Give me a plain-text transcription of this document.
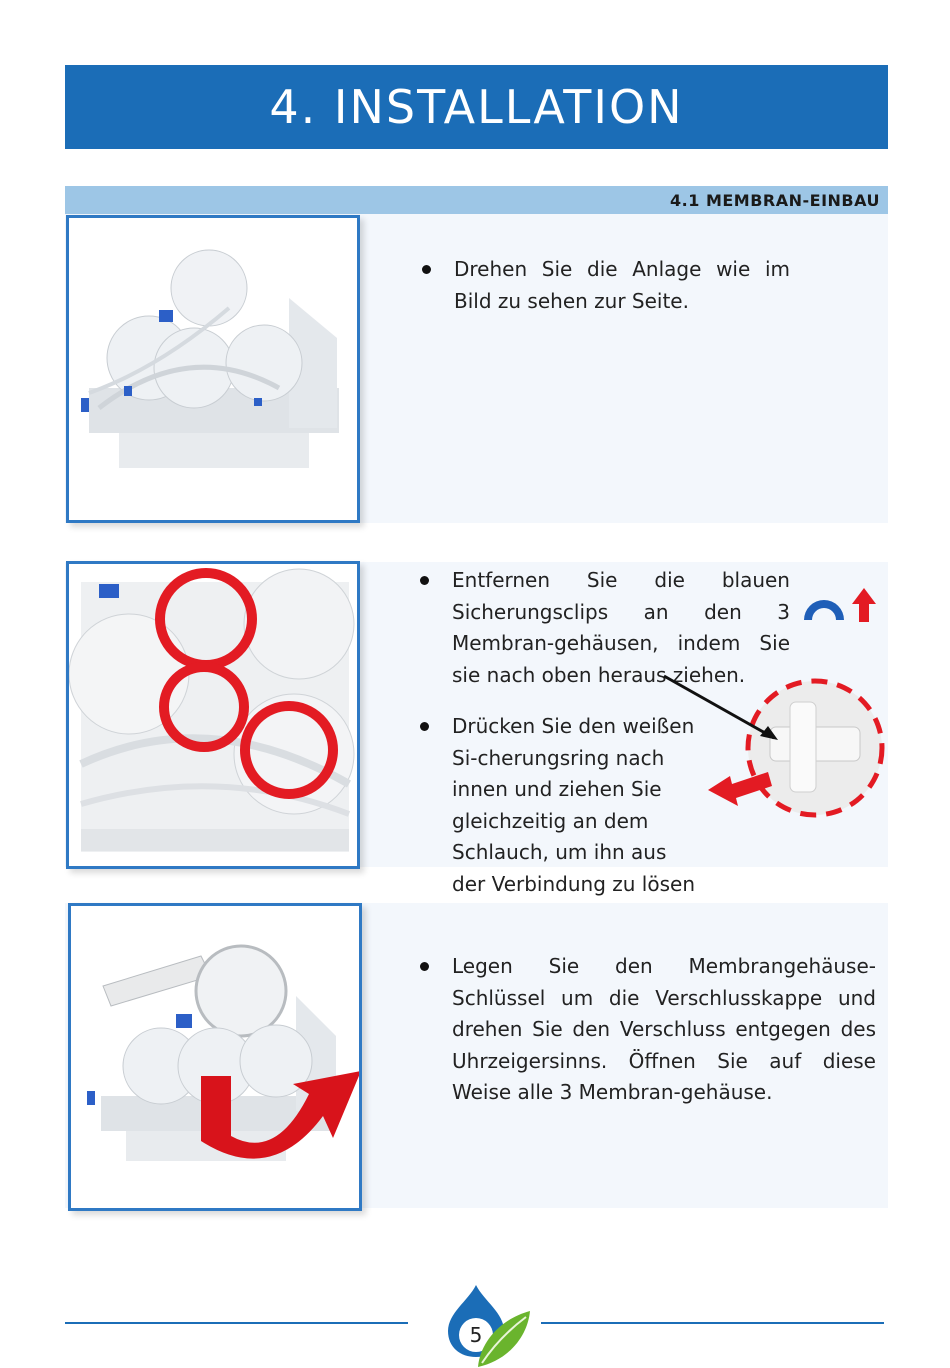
4. INSTALLATION
4.1 MEMBRAN-EINBAU
Drehen Sie die Anlage wie im Bild zu sehen zur Seite.
Entfernen Sie die blauen Sicherungsclips an den 3 Membran-gehäusen, indem Sie sie nach oben heraus ziehen.
Drücken Sie den weißen Si-cherungsring nach innen und ziehen Sie gleichzeitig an dem Schlauch, um ihn aus der Verbindung zu lösen
Legen Sie den Membrangehäuse-Schlüssel um die Verschlusskappe und drehen Sie den Verschluss entgegen des Uhrzeigersinns. Öffnen Sie auf diese Weise alle 3 Membran-gehäuse.
5
